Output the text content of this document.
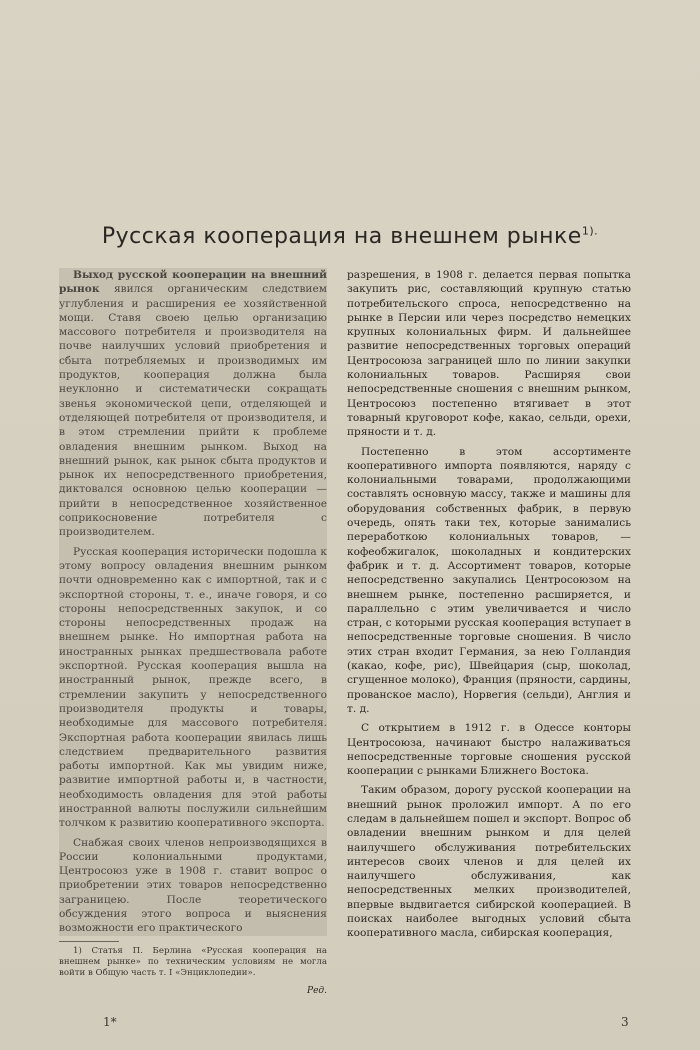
Русская кооперация на внешнем рынке$^{1).}$

Выход русской кооперации на внешний рынок явился органическим следствием углубления и расширения ее хозяйственной мощи. Ставя своею целью организацию массового потребителя и производителя на почве наилучших условий приобретения и сбыта потребляемых и производимых им продуктов, кооперация должна была неуклонно и систематически сокращать звенья экономической цепи, отделяющей и отделяющей потребителя от производителя, и в этом стремлении прийти к проблеме овладения внешним рынком. Выход на внешний рынок, как рынок сбыта продуктов и рынок их непосредственного приобретения, диктовался основною целью кооперации — прийти в непосредственное хозяйственное соприкосновение потребителя с производителем.

Русская кооперация исторически подошла к этому вопросу овладения внешним рынком почти одновременно как с импортной, так и с экспортной стороны, т. е., иначе говоря, и со стороны непосредственных закупок, и со стороны непосредственных продаж на внешнем рынке. Но импортная работа на иностранных рынках предшествовала работе экспортной. Русская кооперация вышла на иностранный рынок, прежде всего, в стремлении закупить у непосредственного производителя продукты и товары, необходимые для массового потребителя. Экспортная работа кооперации явилась лишь следствием предварительного развития работы импортной. Как мы увидим ниже, развитие импортной работы и, в частности, необходимость овладения для этой работы иностранной валюты послужили сильнейшим толчком к развитию кооперативного экспорта.

Снабжая своих членов непроизводящихся в России колониальными продуктами, Центросоюз уже в 1908 г. ставит вопрос о приобретении этих товаров непосредственно заграницею. После теоретического обсуждения этого вопроса и выяснения возможности его практического

1) Статья П. Берлина «Русская кооперация на внешнем рынке» по техническим условиям не могла войти в Общую часть т. I «Энциклопедии».

Ред.

разрешения, в 1908 г. делается первая попытка закупить рис, составляющий крупную статью потребительского спроса, непосредственно на рынке в Персии или через посредство немецких крупных колониальных фирм. И дальнейшее развитие непосредственных торговых операций Центросоюза заграницей шло по линии закупки колониальных товаров. Расширяя свои непосредственные сношения с внешним рынком, Центросоюз постепенно втягивает в этот товарный круговорот кофе, какао, сельди, орехи, пряности и т. д.

Постепенно в этом ассортименте кооперативного импорта появляются, наряду с колониальными товарами, продолжающими составлять основную массу, также и машины для оборудования собственных фабрик, в первую очередь, опять таки тех, которые занимались переработкою колониальных товаров, — кофеобжигалок, шоколадных и кондитерских фабрик и т. д. Ассортимент товаров, которые непосредственно закупались Центросоюзом на внешнем рынке, постепенно расширяется, и параллельно с этим увеличивается и число стран, с которыми русская кооперация вступает в непосредственные торговые сношения. В число этих стран входит Германия, за нею Голландия (какао, кофе, рис), Швейцария (сыр, шоколад, сгущенное молоко), Франция (пряности, сардины, прованское масло), Норвегия (сельди), Англия и т. д.

С открытием в 1912 г. в Одессе конторы Центросоюза, начинают быстро налаживаться непосредственные торговые сношения русской кооперации с рынками Ближнего Востока.

Таким образом, дорогу русской кооперации на внешний рынок проложил импорт. А по его следам в дальнейшем пошел и экспорт. Вопрос об овладении внешним рынком и для целей наилучшего обслуживания потребительских интересов своих членов и для целей их наилучшего обслуживания, как непосредственных мелких производителей, впервые выдвигается сибирской кооперацией. В поисках наиболее выгодных условий сбыта кооперативного масла, сибирская кооперация,

1*	3
